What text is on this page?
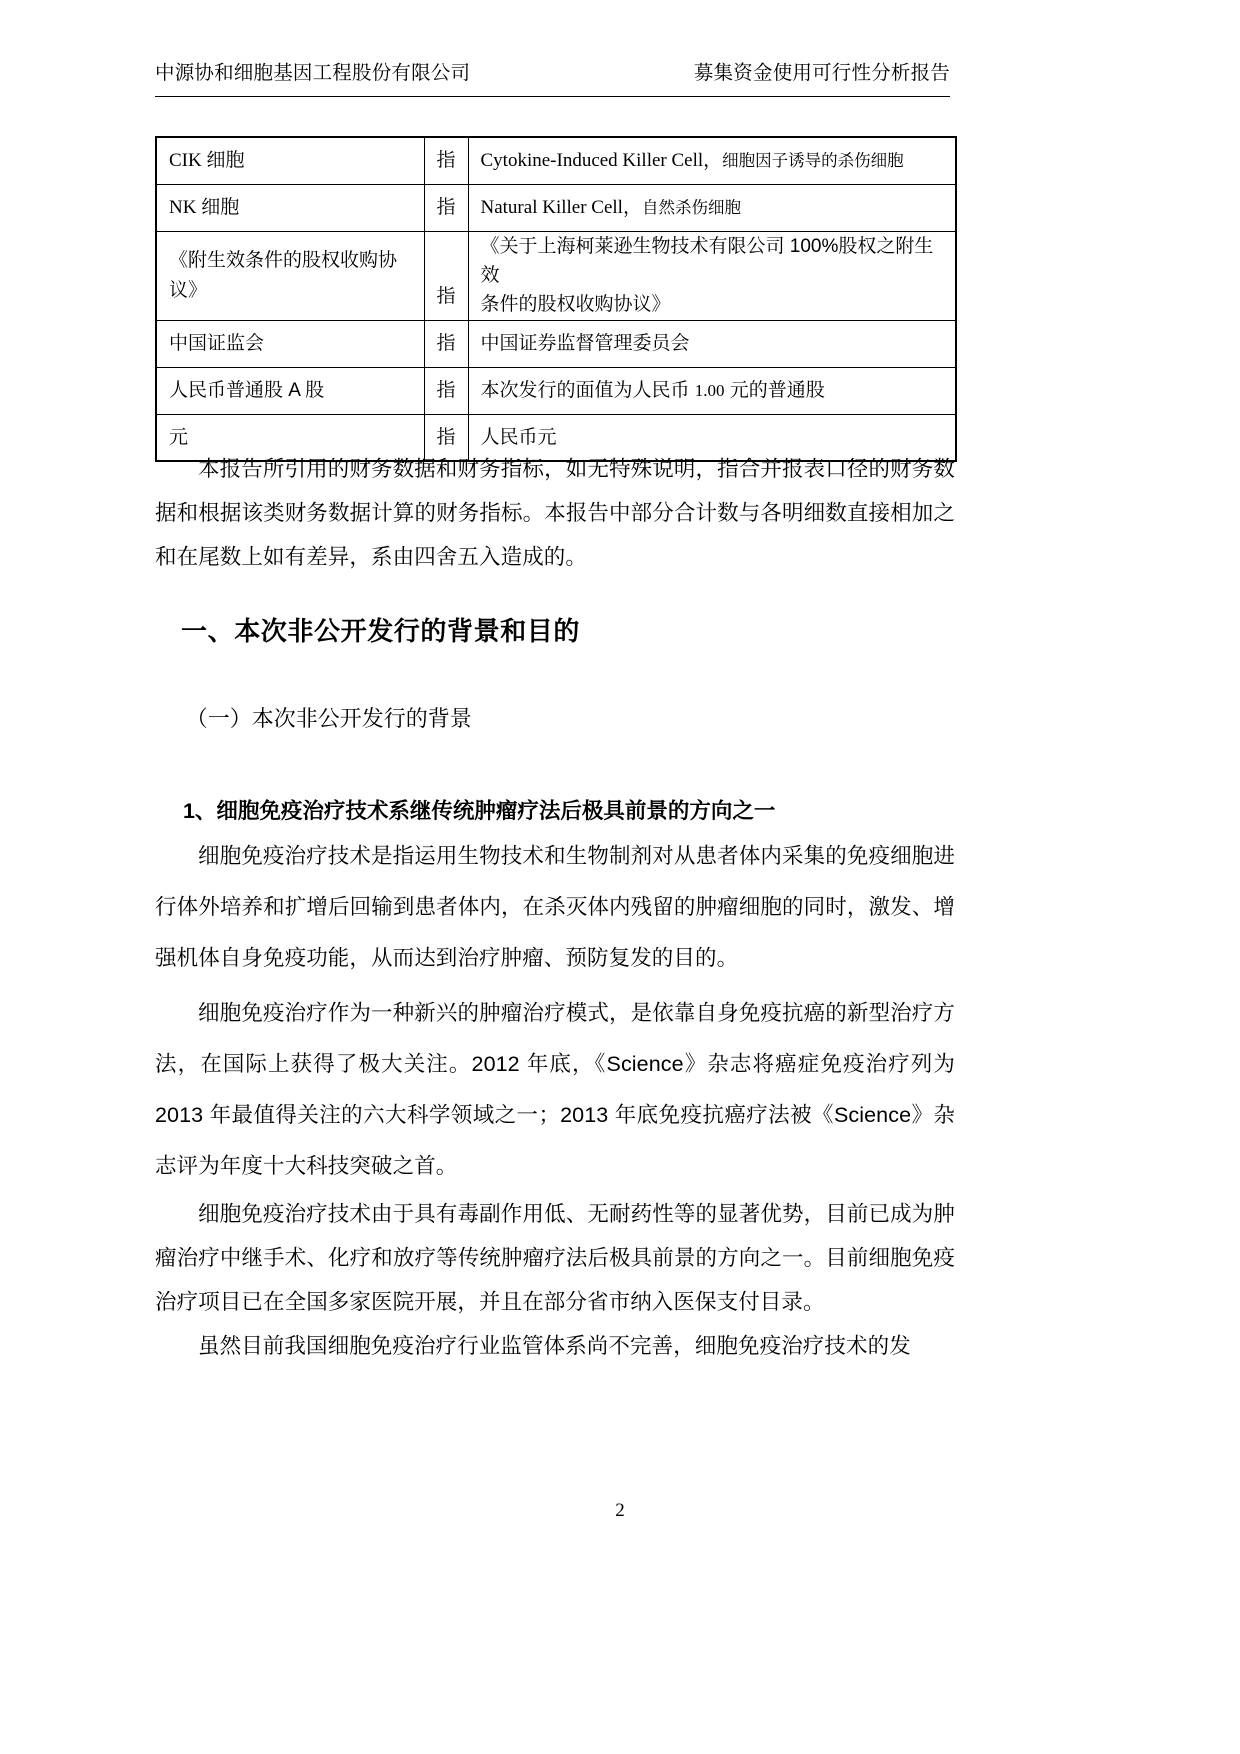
中源协和细胞基因工程股份有限公司	募集资金使用可行性分析报告
CIK 细胞	指	Cytokine-Induced Killer Cell，细胞因子诱导的杀伤细胞
NK 细胞	指	Natural Killer Cell，自然杀伤细胞
《附生效条件的股权收购协议》	指	《关于上海柯莱逊生物技术有限公司 100%股权之附生效
条件的股权收购协议》

中国证监会	指	中国证券监督管理委员会
人民币普通股 A 股	指	本次发行的面值为人民币 1.00 元的普通股
元	指	人民币元

本报告所引用的财务数据和财务指标，如无特殊说明，指合并报表口径的财务数据和根据该类财务数据计算的财务指标。本报告中部分合计数与各明细数直接相加之和在尾数上如有差异，系由四舍五入造成的。

一、本次非公开发行的背景和目的
（一）本次非公开发行的背景
1、细胞免疫治疗技术系继传统肿瘤疗法后极具前景的方向之一

细胞免疫治疗技术是指运用生物技术和生物制剂对从患者体内采集的免疫细胞进行体外培养和扩增后回输到患者体内，在杀灭体内残留的肿瘤细胞的同时，激发、增强机体自身免疫功能，从而达到治疗肿瘤、预防复发的目的。

细胞免疫治疗作为一种新兴的肿瘤治疗模式，是依靠自身免疫抗癌的新型治疗方法，在国际上获得了极大关注。2012 年底，《Science》杂志将癌症免疫治疗列为 2013 年最值得关注的六大科学领域之一；2013 年底免疫抗癌疗法被《Science》杂志评为年度十大科技突破之首。

细胞免疫治疗技术由于具有毒副作用低、无耐药性等的显著优势，目前已成为肿瘤治疗中继手术、化疗和放疗等传统肿瘤疗法后极具前景的方向之一。目前细胞免疫治疗项目已在全国多家医院开展，并且在部分省市纳入医保支付目录。

虽然目前我国细胞免疫治疗行业监管体系尚不完善，细胞免疫治疗技术的发

2
